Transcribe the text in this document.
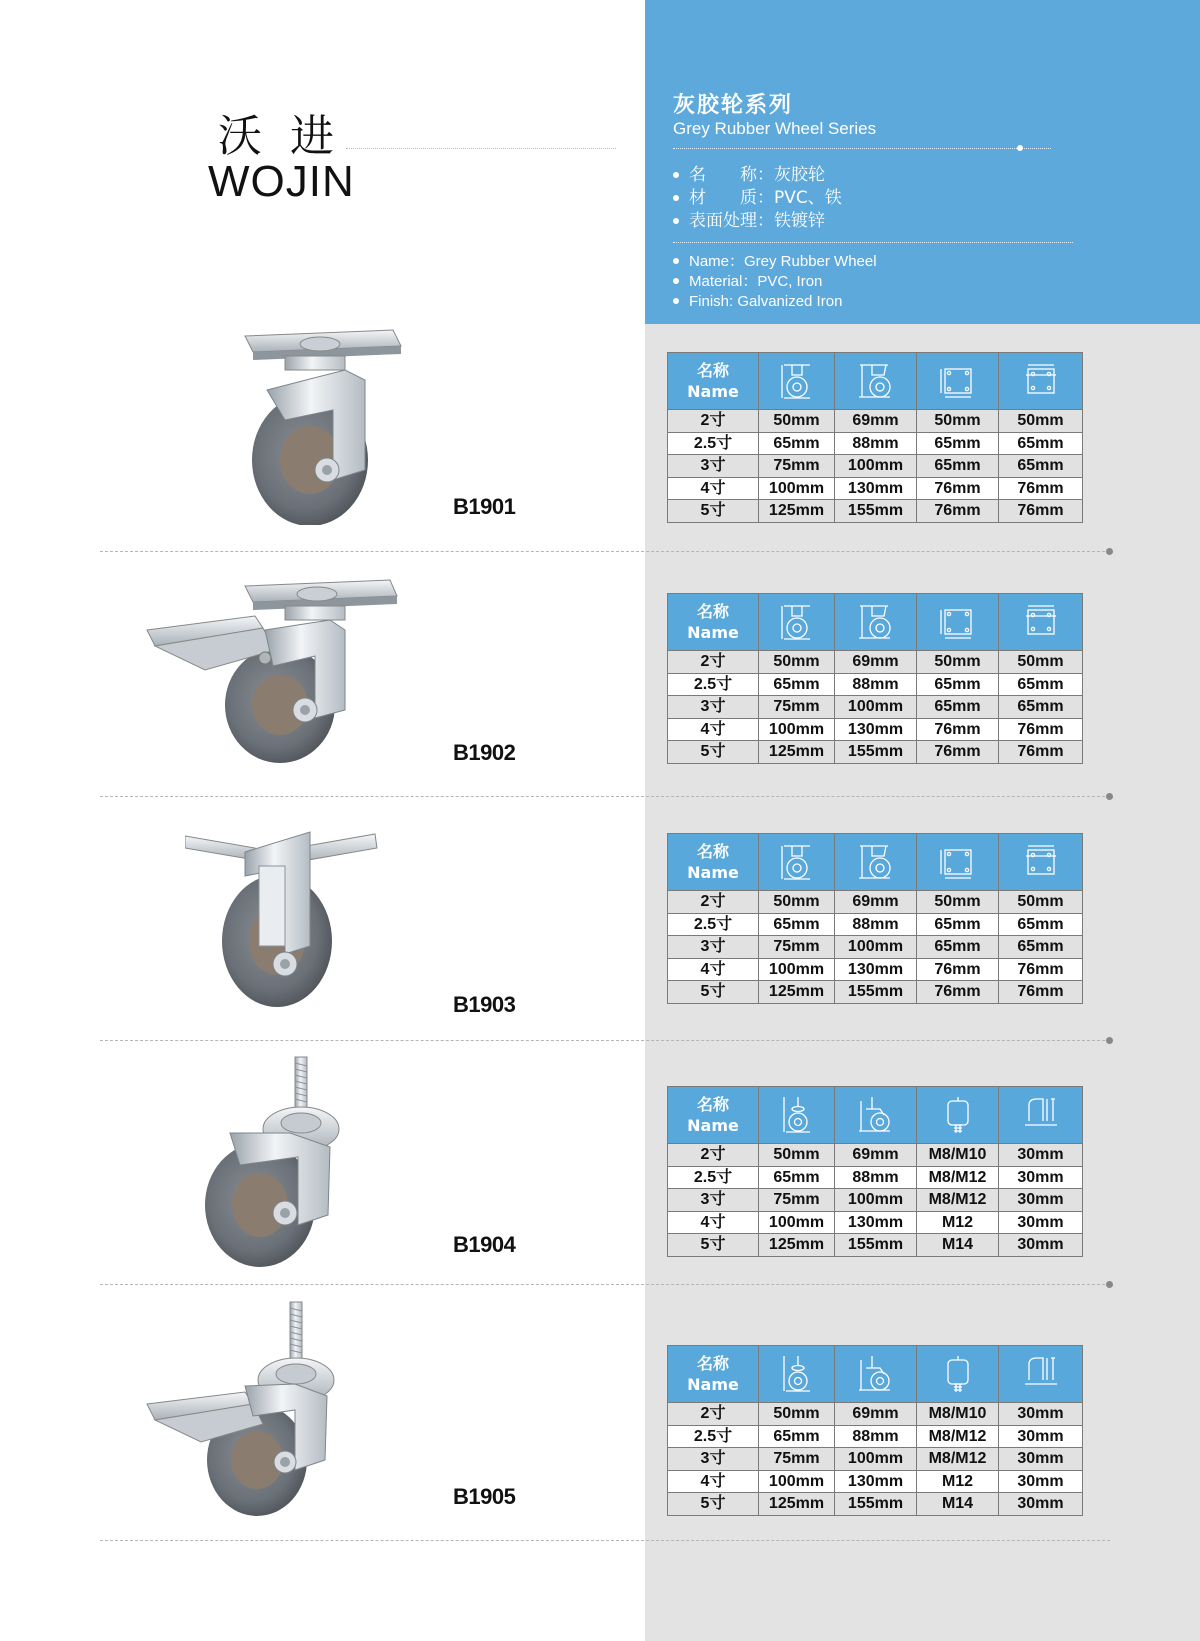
沃进
WOJIN
灰胶轮系列
Grey Rubber Wheel Series
名　　称：灰胶轮
材　　质：PVC、铁
表面处理：铁镀锌
Name：Grey Rubber Wheel
Material：PVC, Iron
Finish: Galvanized Iron
B1901
B1902
B1903
B1904
B1905
名称
Name

2寸	50mm	69mm	50mm	50mm
2.5寸	65mm	88mm	65mm	65mm
3寸	75mm	100mm	65mm	65mm
4寸	100mm	130mm	76mm	76mm
5寸	125mm	155mm	76mm	76mm
名称
Name

2寸	50mm	69mm	50mm	50mm
2.5寸	65mm	88mm	65mm	65mm
3寸	75mm	100mm	65mm	65mm
4寸	100mm	130mm	76mm	76mm
5寸	125mm	155mm	76mm	76mm
名称
Name

2寸	50mm	69mm	50mm	50mm
2.5寸	65mm	88mm	65mm	65mm
3寸	75mm	100mm	65mm	65mm
4寸	100mm	130mm	76mm	76mm
5寸	125mm	155mm	76mm	76mm
名称
Name

2寸	50mm	69mm	M8/M10	30mm
2.5寸	65mm	88mm	M8/M12	30mm
3寸	75mm	100mm	M8/M12	30mm
4寸	100mm	130mm	M12	30mm
5寸	125mm	155mm	M14	30mm
名称
Name

2寸	50mm	69mm	M8/M10	30mm
2.5寸	65mm	88mm	M8/M12	30mm
3寸	75mm	100mm	M8/M12	30mm
4寸	100mm	130mm	M12	30mm
5寸	125mm	155mm	M14	30mm
